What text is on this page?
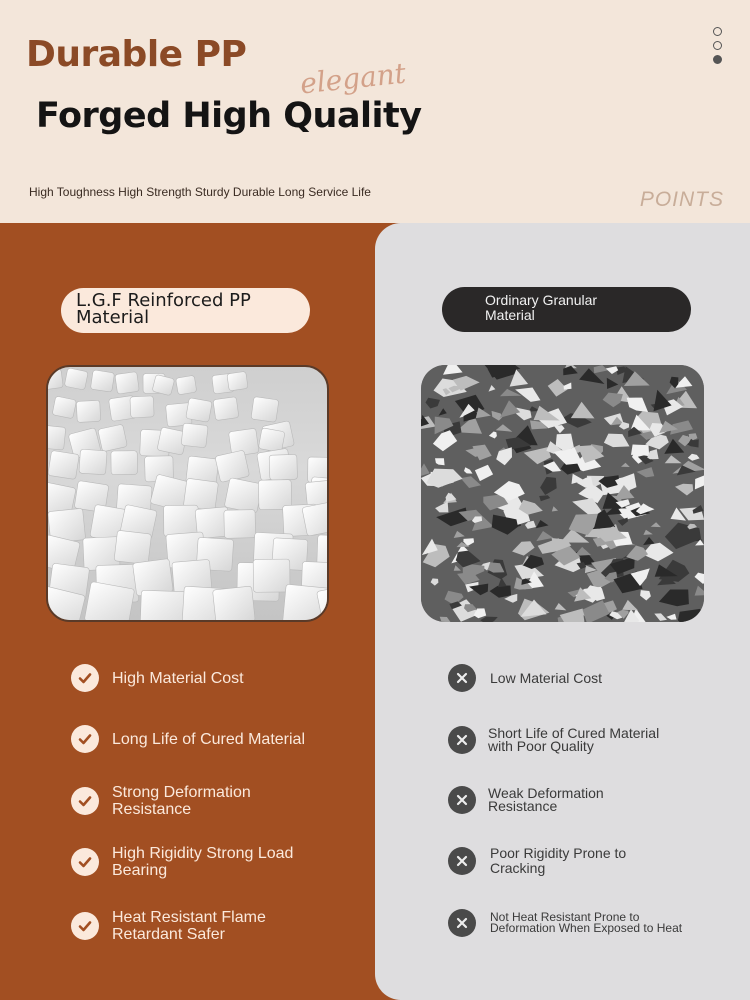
Durable PP
elegant
Forged High Quality
High Toughness High Strength Sturdy Durable Long Service Life	POINTS
L.G.F Reinforced PP
Material
Ordinary Granular
Material
High Material Cost
Long Life of Cured Material
Strong Deformation
Resistance
High Rigidity Strong Load
Bearing
Heat Resistant Flame
Retardant Safer
Low Material Cost
Short Life of Cured Material
with Poor Quality
Weak Deformation
Resistance
Poor Rigidity Prone to
Cracking
Not Heat Resistant Prone to
Deformation When Exposed to Heat
